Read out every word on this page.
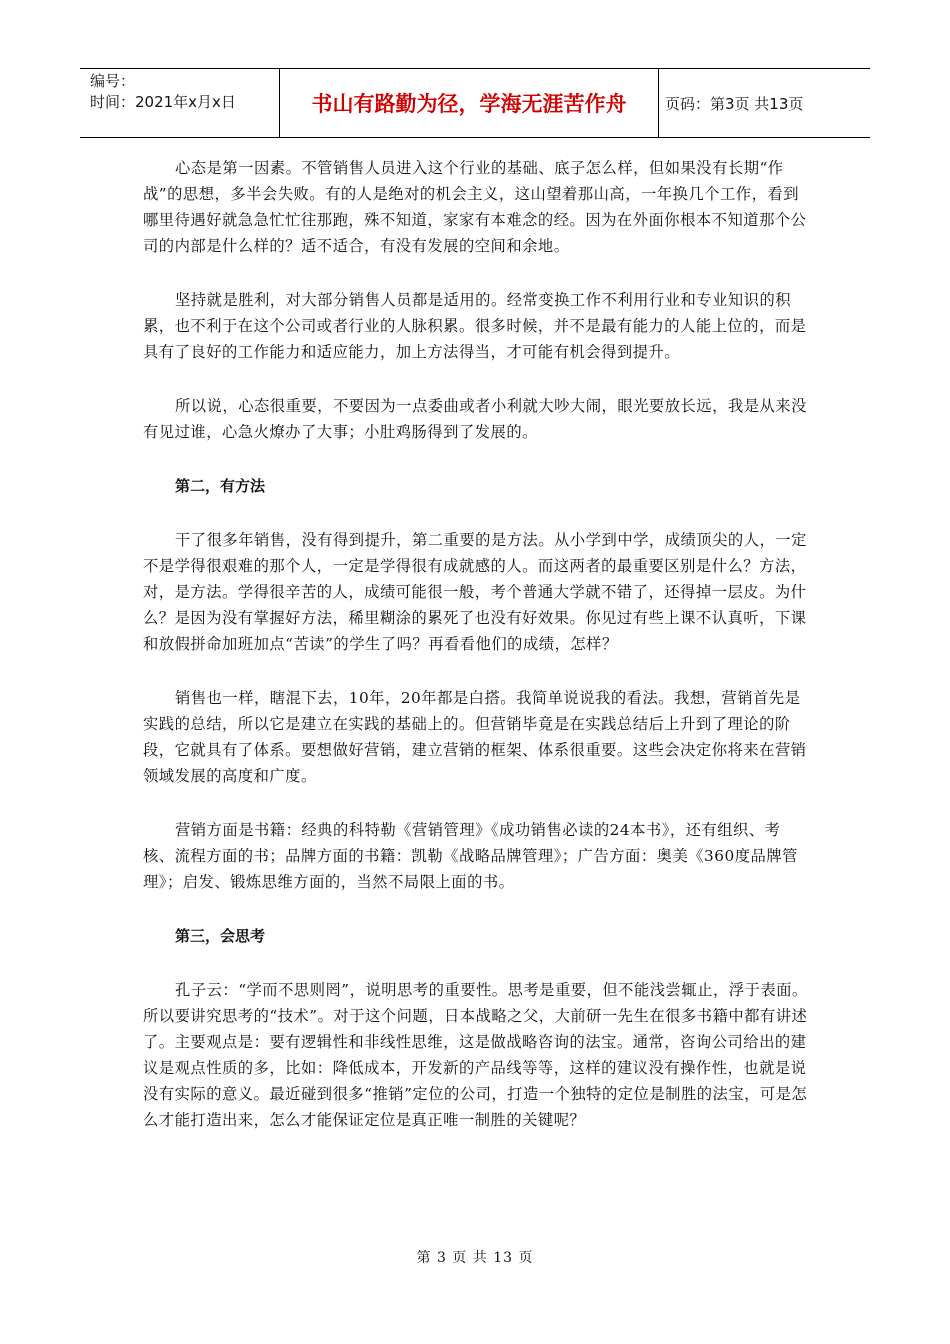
编号：
时间：2021年x月x日	书山有路勤为径，学海无涯苦作舟	页码：第3页 共13页

心态是第一因素。不管销售人员进入这个行业的基础、底子怎么样，但如果没有长期“作战”的思想，多半会失败。有的人是绝对的机会主义，这山望着那山高，一年换几个工作，看到哪里待遇好就急急忙忙往那跑，殊不知道，家家有本难念的经。因为在外面你根本不知道那个公司的内部是什么样的？适不适合，有没有发展的空间和余地。

坚持就是胜利，对大部分销售人员都是适用的。经常变换工作不利用行业和专业知识的积累，也不利于在这个公司或者行业的人脉积累。很多时候，并不是最有能力的人能上位的，而是具有了良好的工作能力和适应能力，加上方法得当，才可能有机会得到提升。

所以说，心态很重要，不要因为一点委曲或者小利就大吵大闹，眼光要放长远，我是从来没有见过谁，心急火燎办了大事；小肚鸡肠得到了发展的。

第二，有方法

干了很多年销售，没有得到提升，第二重要的是方法。从小学到中学，成绩顶尖的人，一定不是学得很艰难的那个人，一定是学得很有成就感的人。而这两者的最重要区别是什么？方法，对，是方法。学得很辛苦的人，成绩可能很一般，考个普通大学就不错了，还得掉一层皮。为什么？是因为没有掌握好方法，稀里糊涂的累死了也没有好效果。你见过有些上课不认真听，下课和放假拼命加班加点“苦读”的学生了吗？再看看他们的成绩，怎样？

销售也一样，瞎混下去，10年，20年都是白搭。我简单说说我的看法。我想，营销首先是实践的总结，所以它是建立在实践的基础上的。但营销毕竟是在实践总结后上升到了理论的阶段，它就具有了体系。要想做好营销，建立营销的框架、体系很重要。这些会决定你将来在营销领域发展的高度和广度。

营销方面是书籍：经典的科特勒《营销管理》《成功销售必读的24本书》，还有组织、考核、流程方面的书；品牌方面的书籍：凯勒《战略品牌管理》；广告方面：奥美《360度品牌管理》；启发、锻炼思维方面的，当然不局限上面的书。

第三，会思考

孔子云：“学而不思则罔”，说明思考的重要性。思考是重要，但不能浅尝辄止，浮于表面。所以要讲究思考的“技术”。对于这个问题，日本战略之父，大前研一先生在很多书籍中都有讲述了。主要观点是：要有逻辑性和非线性思维，这是做战略咨询的法宝。通常，咨询公司给出的建议是观点性质的多，比如：降低成本，开发新的产品线等等，这样的建议没有操作性，也就是说没有实际的意义。最近碰到很多“推销”定位的公司，打造一个独特的定位是制胜的法宝，可是怎么才能打造出来，怎么才能保证定位是真正唯一制胜的关键呢？

第 3 页 共 13 页
